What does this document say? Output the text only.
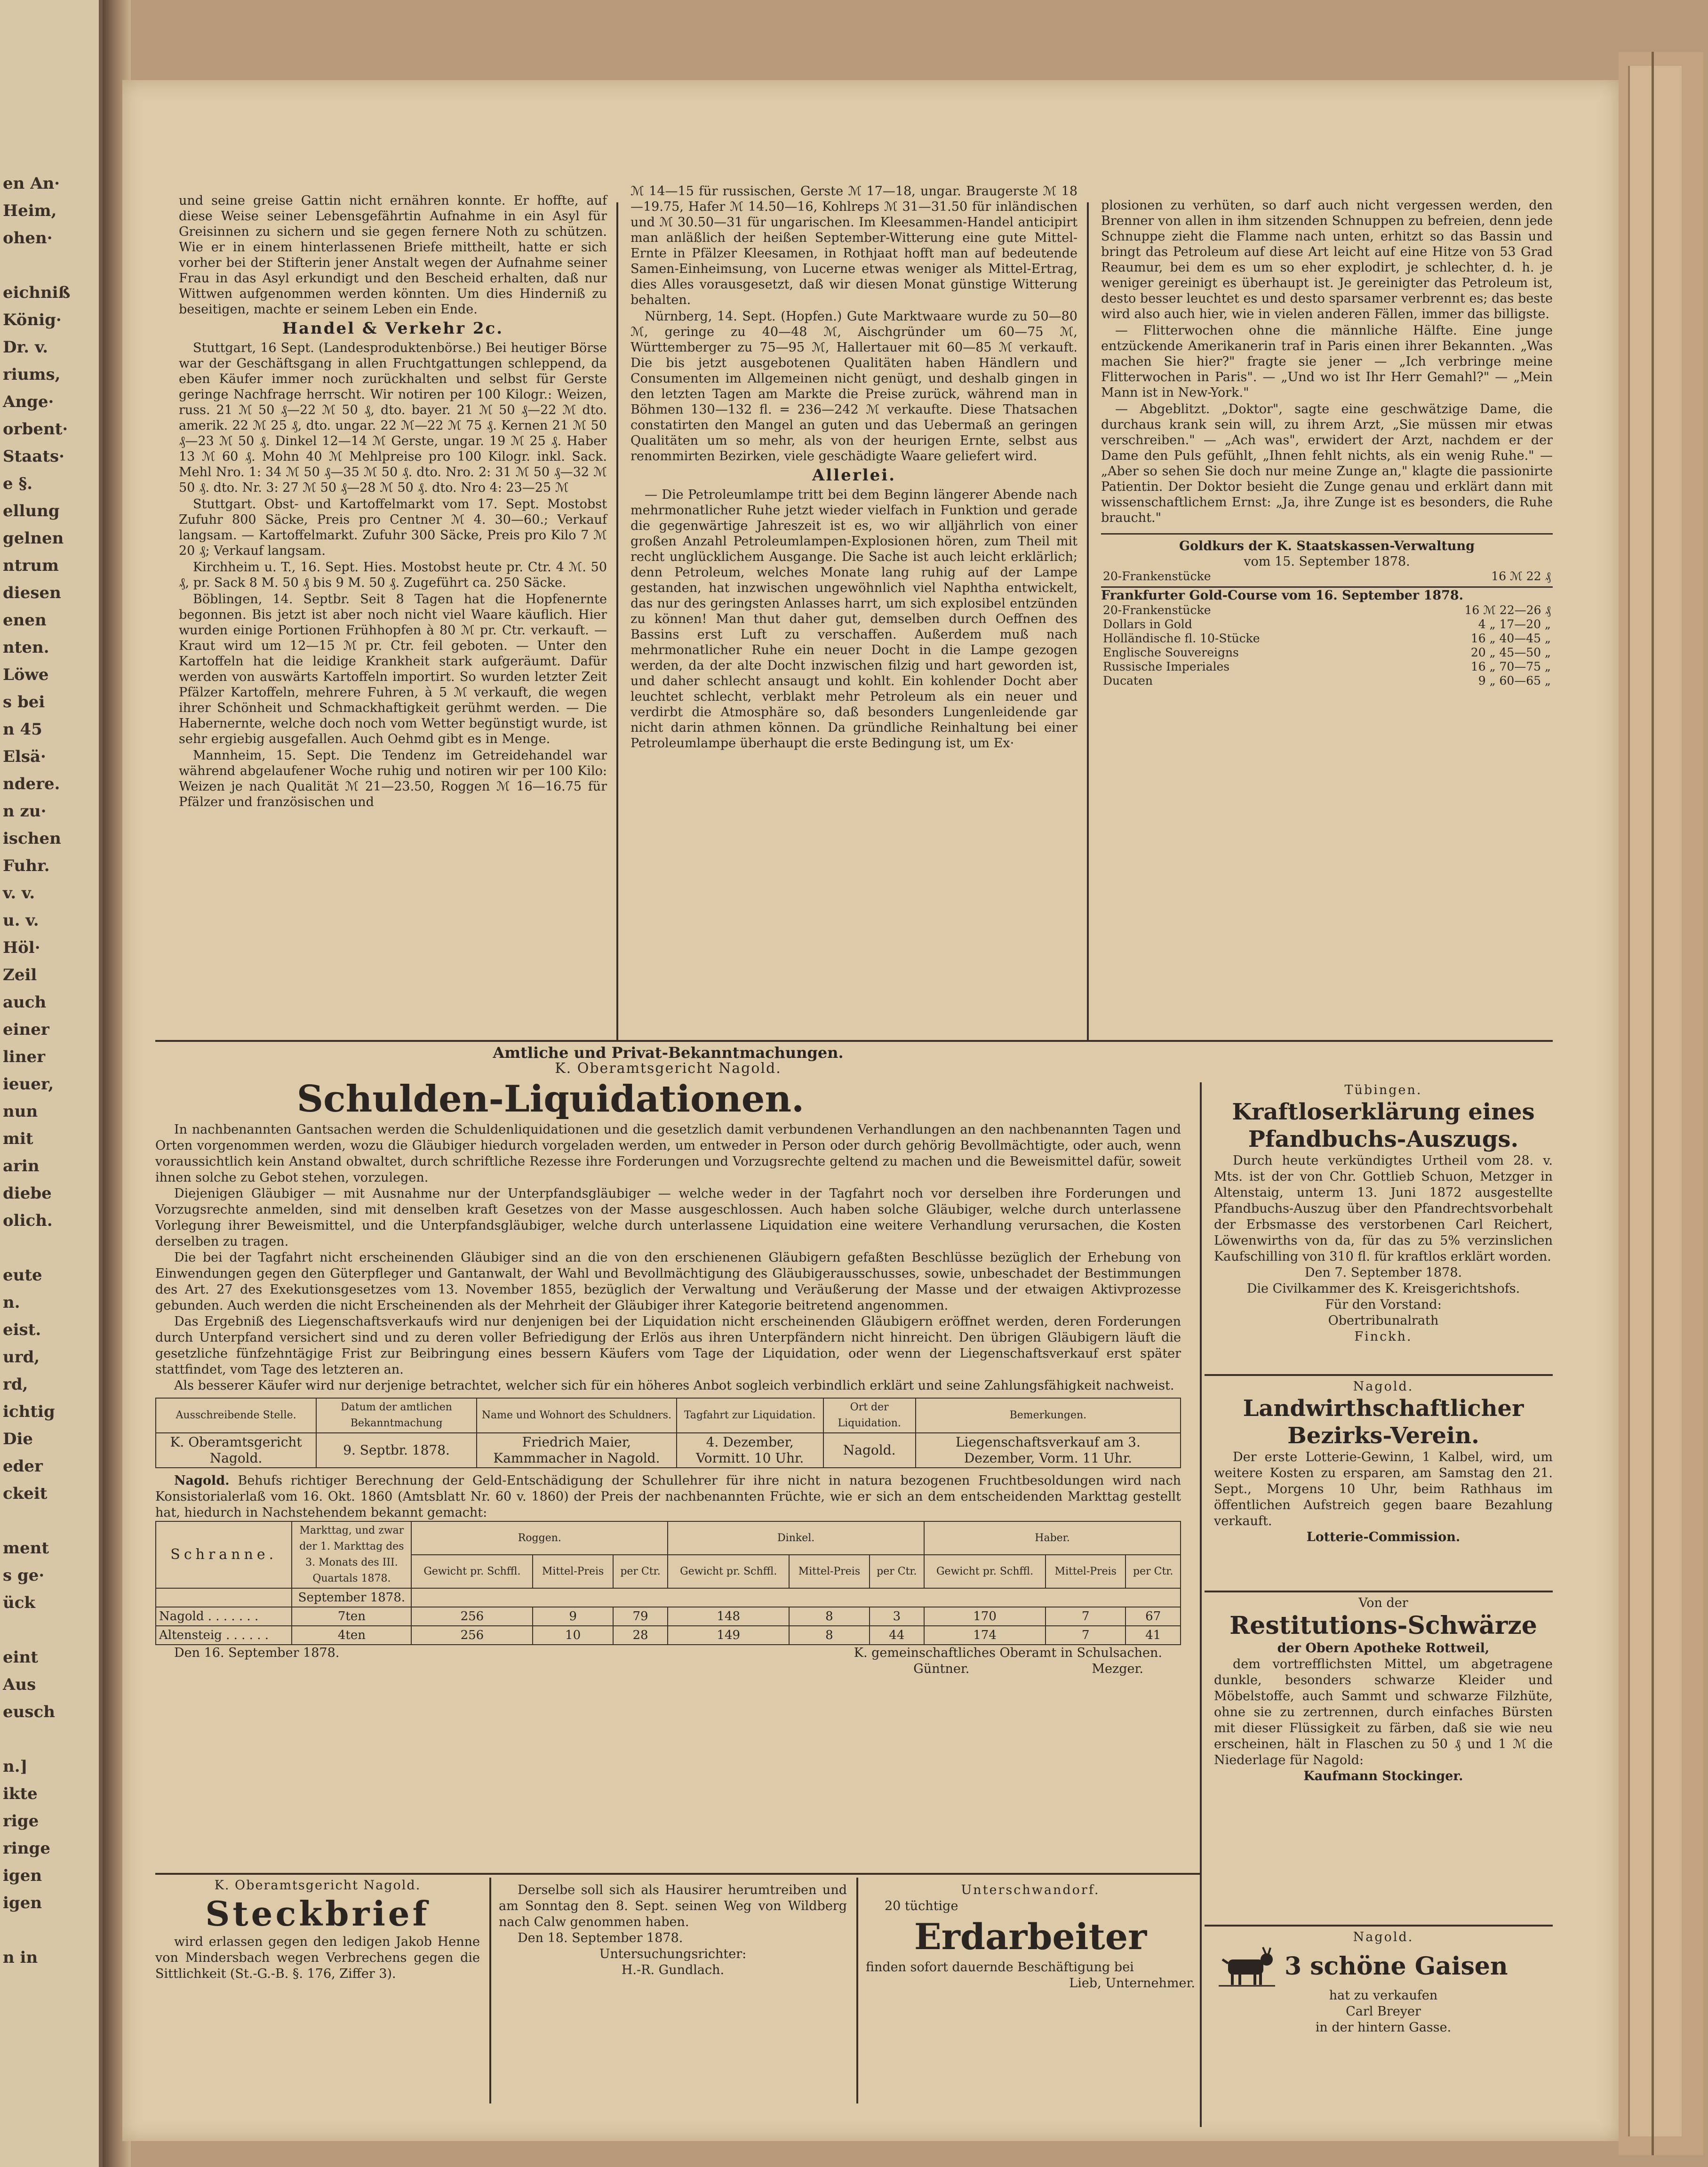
en An·
Heim,
ohen·
eichniß
König·
Dr. v.
riums,
Ange·
orbent·
Staats·
e §.
ellung
gelnen
ntrum
diesen
enen
nten.
Löwe
s bei
n 45
Elsä·
ndere.
n zu·
ischen
Fuhr.
v. v.
u. v.
Höl·
Zeil
auch
einer
liner
ieuer,
nun
mit
arin
diebe
olich.
eute
n.
eist.
urd,
rd,
ichtig
Die
eder
ckeit
ment
s ge·
ück
eint
Aus
eusch
n.]
ikte
rige
ringe
igen
igen
n in

und seine greise Gattin nicht ernähren konnte. Er hoffte, auf diese Weise seiner Lebensgefährtin Aufnahme in ein Asyl für Greisinnen zu sichern und sie gegen fernere Noth zu schützen. Wie er in einem hinterlassenen Briefe mittheilt, hatte er sich vorher bei der Stifterin jener Anstalt wegen der Aufnahme seiner Frau in das Asyl erkundigt und den Bescheid erhalten, daß nur Wittwen aufgenommen werden könnten. Um dies Hinderniß zu beseitigen, machte er seinem Leben ein Ende.

Handel & Verkehr 2c.

Stuttgart, 16 Sept. (Landesproduktenbörse.) Bei heutiger Börse war der Geschäftsgang in allen Fruchtgattungen schleppend, da eben Käufer immer noch zurückhalten und selbst für Gerste geringe Nachfrage herrscht. Wir notiren per 100 Kilogr.: Weizen, russ. 21 ℳ 50 ₰—22 ℳ 50 ₰, dto. bayer. 21 ℳ 50 ₰—22 ℳ dto. amerik. 22 ℳ 25 ₰, dto. ungar. 22 ℳ—22 ℳ 75 ₰. Kernen 21 ℳ 50 ₰—23 ℳ 50 ₰. Dinkel 12—14 ℳ Gerste, ungar. 19 ℳ 25 ₰. Haber 13 ℳ 60 ₰. Mohn 40 ℳ Mehlpreise pro 100 Kilogr. inkl. Sack. Mehl Nro. 1: 34 ℳ 50 ₰—35 ℳ 50 ₰. dto. Nro. 2: 31 ℳ 50 ₰—32 ℳ 50 ₰. dto. Nr. 3: 27 ℳ 50 ₰—28 ℳ 50 ₰. dto. Nro 4: 23—25 ℳ

Stuttgart. Obst- und Kartoffelmarkt vom 17. Sept. Mostobst Zufuhr 800 Säcke, Preis pro Centner ℳ 4. 30—60.; Verkauf langsam. — Kartoffelmarkt. Zufuhr 300 Säcke, Preis pro Kilo 7 ℳ 20 ₰; Verkauf langsam.

Kirchheim u. T., 16. Sept. Hies. Mostobst heute pr. Ctr. 4 ℳ. 50 ₰, pr. Sack 8 M. 50 ₰ bis 9 M. 50 ₰. Zugeführt ca. 250 Säcke.

Böblingen, 14. Septbr. Seit 8 Tagen hat die Hopfenernte begonnen. Bis jetzt ist aber noch nicht viel Waare käuflich. Hier wurden einige Portionen Frühhopfen à 80 ℳ pr. Ctr. verkauft. — Kraut wird um 12—15 ℳ pr. Ctr. feil geboten. — Unter den Kartoffeln hat die leidige Krankheit stark aufgeräumt. Dafür werden von auswärts Kartoffeln importirt. So wurden letzter Zeit Pfälzer Kartoffeln, mehrere Fuhren, à 5 ℳ verkauft, die wegen ihrer Schönheit und Schmackhaftigkeit gerühmt werden. — Die Habernernte, welche doch noch vom Wetter begünstigt wurde, ist sehr ergiebig ausgefallen. Auch Oehmd gibt es in Menge.

Mannheim, 15. Sept. Die Tendenz im Getreidehandel war während abgelaufener Woche ruhig und notiren wir per 100 Kilo: Weizen je nach Qualität ℳ 21—23.50, Roggen ℳ 16—16.75 für Pfälzer und französischen und

ℳ 14—15 für russischen, Gerste ℳ 17—18, ungar. Braugerste ℳ 18—19.75, Hafer ℳ 14.50—16, Kohlreps ℳ 31—31.50 für inländischen und ℳ 30.50—31 für ungarischen. Im Kleesammen-Handel anticipirt man anläßlich der heißen September-Witterung eine gute Mittel-Ernte in Pfälzer Kleesamen, in Rothjaat hofft man auf bedeutende Samen-Einheimsung, von Lucerne etwas weniger als Mittel-Ertrag, dies Alles vorausgesetzt, daß wir diesen Monat günstige Witterung behalten.

Nürnberg, 14. Sept. (Hopfen.) Gute Marktwaare wurde zu 50—80 ℳ, geringe zu 40—48 ℳ, Aischgründer um 60—75 ℳ, Württemberger zu 75—95 ℳ, Hallertauer mit 60—85 ℳ verkauft. Die bis jetzt ausgebotenen Qualitäten haben Händlern und Consumenten im Allgemeinen nicht genügt, und deshalb gingen in den letzten Tagen am Markte die Preise zurück, während man in Böhmen 130—132 fl. = 236—242 ℳ verkaufte. Diese Thatsachen constatirten den Mangel an guten und das Uebermaß an geringen Qualitäten um so mehr, als von der heurigen Ernte, selbst aus renommirten Bezirken, viele geschädigte Waare geliefert wird.

Allerlei.

— Die Petroleumlampe tritt bei dem Beginn längerer Abende nach mehrmonatlicher Ruhe jetzt wieder vielfach in Funktion und gerade die gegenwärtige Jahreszeit ist es, wo wir alljährlich von einer großen Anzahl Petroleumlampen-Explosionen hören, zum Theil mit recht unglücklichem Ausgange. Die Sache ist auch leicht erklärlich; denn Petroleum, welches Monate lang ruhig auf der Lampe gestanden, hat inzwischen ungewöhnlich viel Naphtha entwickelt, das nur des geringsten Anlasses harrt, um sich explosibel entzünden zu können! Man thut daher gut, demselben durch Oeffnen des Bassins erst Luft zu verschaffen. Außerdem muß nach mehrmonatlicher Ruhe ein neuer Docht in die Lampe gezogen werden, da der alte Docht inzwischen filzig und hart geworden ist, und daher schlecht ansaugt und kohlt. Ein kohlender Docht aber leuchtet schlecht, verblakt mehr Petroleum als ein neuer und verdirbt die Atmosphäre so, daß besonders Lungenleidende gar nicht darin athmen können. Da gründliche Reinhaltung bei einer Petroleumlampe überhaupt die erste Bedingung ist, um Ex·

plosionen zu verhüten, so darf auch nicht vergessen werden, den Brenner von allen in ihm sitzenden Schnuppen zu befreien, denn jede Schnuppe zieht die Flamme nach unten, erhitzt so das Bassin und bringt das Petroleum auf diese Art leicht auf eine Hitze von 53 Grad Reaumur, bei dem es um so eher explodirt, je schlechter, d. h. je weniger gereinigt es überhaupt ist. Je gereinigter das Petroleum ist, desto besser leuchtet es und desto sparsamer verbrennt es; das beste wird also auch hier, wie in vielen anderen Fällen, immer das billigste.

— Flitterwochen ohne die männliche Hälfte. Eine junge entzückende Amerikanerin traf in Paris einen ihrer Bekannten. „Was machen Sie hier?" fragte sie jener — „Ich verbringe meine Flitterwochen in Paris". — „Und wo ist Ihr Herr Gemahl?" — „Mein Mann ist in New-York."

— Abgeblitzt. „Doktor", sagte eine geschwätzige Dame, die durchaus krank sein will, zu ihrem Arzt, „Sie müssen mir etwas verschreiben." — „Ach was", erwidert der Arzt, nachdem er der Dame den Puls gefühlt, „Ihnen fehlt nichts, als ein wenig Ruhe." — „Aber so sehen Sie doch nur meine Zunge an," klagte die passionirte Patientin. Der Doktor besieht die Zunge genau und erklärt dann mit wissenschaftlichem Ernst: „Ja, ihre Zunge ist es besonders, die Ruhe braucht."

Goldkurs der K. Staatskassen-Verwaltung
vom 15. September 1878.
20-Frankenstücke	16 ℳ 22 ₰
Frankfurter Gold-Course vom 16. September 1878.
20-Frankenstücke	16 ℳ 22—26 ₰
Dollars in Gold	4 „ 17—20 „
Holländische fl. 10-Stücke	16 „ 40—45 „
Englische Souvereigns	20 „ 45—50 „
Russische Imperiales	16 „ 70—75 „
Ducaten	9 „ 60—65 „
Amtliche und Privat-Bekanntmachungen.
K. Oberamtsgericht Nagold.
Schulden-Liquidationen.

In nachbenannten Gantsachen werden die Schuldenliquidationen und die gesetzlich damit verbundenen Verhandlungen an den nachbenannten Tagen und Orten vorgenommen werden, wozu die Gläubiger hiedurch vorgeladen werden, um entweder in Person oder durch gehörig Bevollmächtigte, oder auch, wenn voraussichtlich kein Anstand obwaltet, durch schriftliche Rezesse ihre Forderungen und Vorzugsrechte geltend zu machen und die Beweismittel dafür, soweit ihnen solche zu Gebot stehen, vorzulegen.

Diejenigen Gläubiger — mit Ausnahme nur der Unterpfandsgläubiger — welche weder in der Tagfahrt noch vor derselben ihre Forderungen und Vorzugsrechte anmelden, sind mit denselben kraft Gesetzes von der Masse ausgeschlossen. Auch haben solche Gläubiger, welche durch unterlassene Vorlegung ihrer Beweismittel, und die Unterpfandsgläubiger, welche durch unterlassene Liquidation eine weitere Verhandlung verursachen, die Kosten derselben zu tragen.

Die bei der Tagfahrt nicht erscheinenden Gläubiger sind an die von den erschienenen Gläubigern gefaßten Beschlüsse bezüglich der Erhebung von Einwendungen gegen den Güterpfleger und Gantanwalt, der Wahl und Bevollmächtigung des Gläubigerausschusses, sowie, unbeschadet der Bestimmungen des Art. 27 des Exekutionsgesetzes vom 13. November 1855, bezüglich der Verwaltung und Veräußerung der Masse und der etwaigen Aktivprozesse gebunden. Auch werden die nicht Erscheinenden als der Mehrheit der Gläubiger ihrer Kategorie beitretend angenommen.

Das Ergebniß des Liegenschaftsverkaufs wird nur denjenigen bei der Liquidation nicht erscheinenden Gläubigern eröffnet werden, deren Forderungen durch Unterpfand versichert sind und zu deren voller Befriedigung der Erlös aus ihren Unterpfändern nicht hinreicht. Den übrigen Gläubigern läuft die gesetzliche fünfzehntägige Frist zur Beibringung eines bessern Käufers vom Tage der Liquidation, oder wenn der Liegenschaftsverkauf erst später stattfindet, vom Tage des letzteren an.

Als besserer Käufer wird nur derjenige betrachtet, welcher sich für ein höheres Anbot sogleich verbindlich erklärt und seine Zahlungsfähigkeit nachweist.

Ausschreibende Stelle.	Datum der amtlichen Bekanntmachung	Name und Wohnort des Schuldners.	Tagfahrt zur Liquidation.	Ort der Liquidation.	Bemerkungen.
K. Oberamtsgericht Nagold.	9. Septbr. 1878.	Friedrich Maier, Kammmacher in Nagold.	4. Dezember, Vormitt. 10 Uhr.	Nagold.	Liegenschaftsverkauf am 3. Dezember, Vorm. 11 Uhr.

Nagold. Behufs richtiger Berechnung der Geld-Entschädigung der Schullehrer für ihre nicht in natura bezogenen Fruchtbesoldungen wird nach Konsistorialerlaß vom 16. Okt. 1860 (Amtsblatt Nr. 60 v. 1860) der Preis der nachbenannten Früchte, wie er sich an dem entscheidenden Markttag gestellt hat, hiedurch in Nachstehendem bekannt gemacht:

Schranne.	Markttag, und zwar der 1. Markttag des 3. Monats des III. Quartals 1878.	Roggen.			Dinkel.			Haber.		
		Gewicht pr. Schffl.	Mittel-Preis	per Ctr.	Gewicht pr. Schffl.	Mittel-Preis	per Ctr.	Gewicht pr. Schffl.	Mittel-Preis	per Ctr.
	September 1878.									
Nagold . . . . . . .	7ten	256	9	79	148	8	3	170	7	67
Altensteig . . . . . .	4ten	256	10	28	149	8	44	174	7	41
Den 16. September 1878.	K. gemeinschaftliches Oberamt in Schulsachen.
Güntner.	Mezger.
Tübingen.
Kraftloserklärung eines
Pfandbuchs-Auszugs.

Durch heute verkündigtes Urtheil vom 28. v. Mts. ist der von Chr. Gottlieb Schuon, Metzger in Altenstaig, unterm 13. Juni 1872 ausgestellte Pfandbuchs-Auszug über den Pfandrechtsvorbehalt der Erbsmasse des verstorbenen Carl Reichert, Löwenwirths von da, für das zu 5% verzinslichen Kaufschilling von 310 fl. für kraftlos erklärt worden.

Den 7. September 1878.
Die Civilkammer des K. Kreisgerichtshofs.
Für den Vorstand:
Obertribunalrath
Finckh.
Nagold.
Landwirthschaftlicher Bezirks-Verein.

Der erste Lotterie-Gewinn, 1 Kalbel, wird, um weitere Kosten zu ersparen, am Samstag den 21. Sept., Morgens 10 Uhr, beim Rathhaus im öffentlichen Aufstreich gegen baare Bezahlung verkauft.

Lotterie-Commission.
Von der
Restitutions-Schwärze
der Obern Apotheke Rottweil,

dem vortrefflichsten Mittel, um abgetragene dunkle, besonders schwarze Kleider und Möbelstoffe, auch Sammt und schwarze Filzhüte, ohne sie zu zertrennen, durch einfaches Bürsten mit dieser Flüssigkeit zu färben, daß sie wie neu erscheinen, hält in Flaschen zu 50 ₰ und 1 ℳ die Niederlage für Nagold:

Kaufmann Stockinger.
Nagold.
3 schöne Gaisen
hat zu verkaufen
Carl Breyer
in der hintern Gasse.
K. Oberamtsgericht Nagold.
Steckbrief

wird erlassen gegen den ledigen Jakob Henne von Mindersbach wegen Verbrechens gegen die Sittlichkeit (St.-G.-B. §. 176, Ziffer 3).

Derselbe soll sich als Hausirer herumtreiben und am Sonntag den 8. Sept. seinen Weg von Wildberg nach Calw genommen haben.

Den 18. September 1878.
Untersuchungsrichter:
H.-R. Gundlach.
Unterschwandorf.
20 tüchtige
Erdarbeiter
finden sofort dauernde Beschäftigung bei
Lieb, Unternehmer.
